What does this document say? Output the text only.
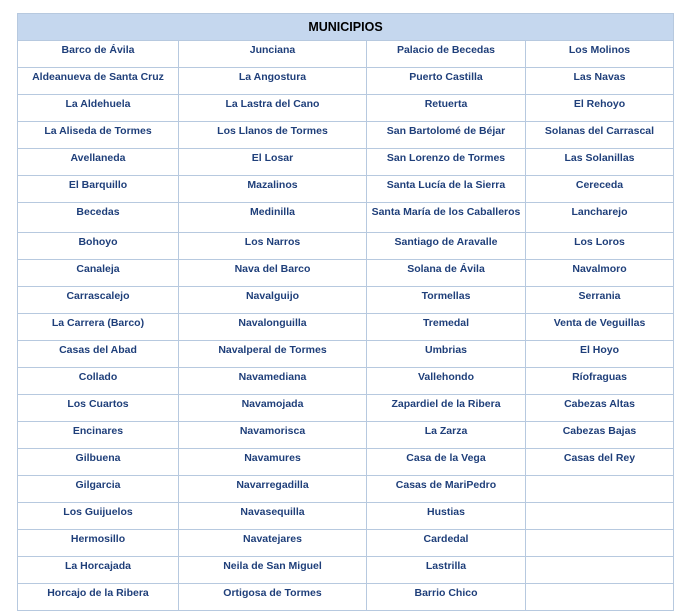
MUNICIPIOS			
Barco de Ávila	Junciana	Palacio de Becedas	Los Molinos
Aldeanueva de Santa Cruz	La Angostura	Puerto Castilla	Las Navas
La Aldehuela	La Lastra del Cano	Retuerta	El Rehoyo
La Aliseda de Tormes	Los Llanos de Tormes	San Bartolomé de Béjar	Solanas del Carrascal
Avellaneda	El Losar	San Lorenzo de Tormes	Las Solanillas
El Barquillo	Mazalinos	Santa Lucía de la Sierra	Cereceda
Becedas	Medinilla	Santa María de los Caballeros	Lancharejo
Bohoyo	Los Narros	Santiago de Aravalle	Los Loros
Canaleja	Nava del Barco	Solana de Ávila	Navalmoro
Carrascalejo	Navalguijo	Tormellas	Serrania
La Carrera (Barco)	Navalonguilla	Tremedal	Venta de Veguillas
Casas del Abad	Navalperal de Tormes	Umbrias	El Hoyo
Collado	Navamediana	Vallehondo	Ríofraguas
Los Cuartos	Navamojada	Zapardiel de la Ribera	Cabezas Altas
Encinares	Navamorisca	La Zarza	Cabezas Bajas
Gilbuena	Navamures	Casa de la Vega	Casas del Rey
Gilgarcia	Navarregadilla	Casas de MariPedro	
Los Guijuelos	Navasequilla	Hustias	
Hermosillo	Navatejares	Cardedal	
La Horcajada	Neila de San Miguel	Lastrilla	
Horcajo de la Ribera	Ortigosa de Tormes	Barrio Chico	
